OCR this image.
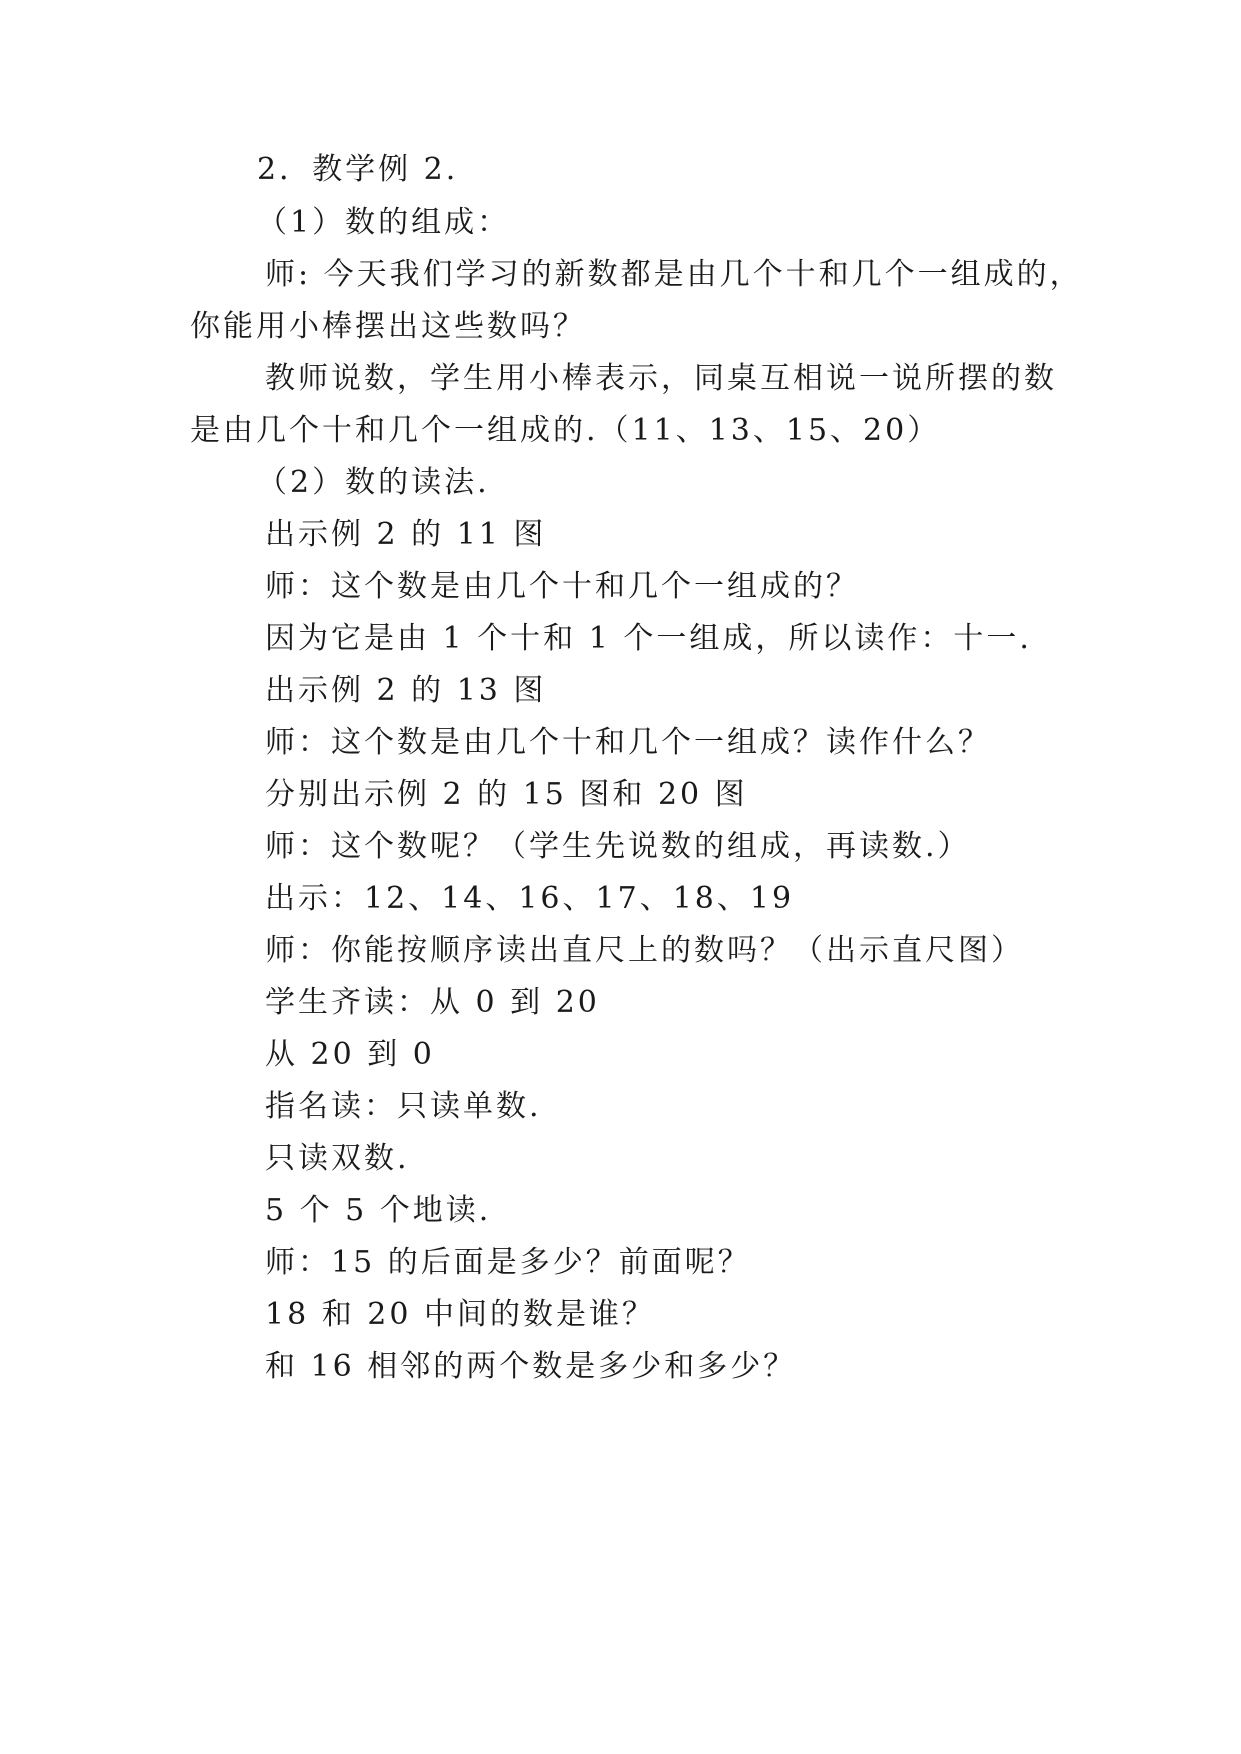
2．教学例 2.
（1）数的组成：
师: 今天我们学习的新数都是由几个十和几个一组成的，
你能用小棒摆出这些数吗？
教师说数，学生用小棒表示，同桌互相说一说所摆的数
是由几个十和几个一组成的.（11、13、15、20）
（2）数的读法.
出示例 2 的 11 图
师：这个数是由几个十和几个一组成的？
因为它是由 1 个十和 1 个一组成，所以读作：十一.
出示例 2 的 13 图
师：这个数是由几个十和几个一组成？读作什么？
分别出示例 2 的 15 图和 20 图
师：这个数呢？（学生先说数的组成，再读数.）
出示：12、14、16、17、18、19
师：你能按顺序读出直尺上的数吗？（出示直尺图）
学生齐读：从 0 到 20
从 20 到 0
指名读：只读单数.
只读双数.
5 个 5 个地读.
师：15 的后面是多少？前面呢？
18 和 20 中间的数是谁？
和 16 相邻的两个数是多少和多少？
